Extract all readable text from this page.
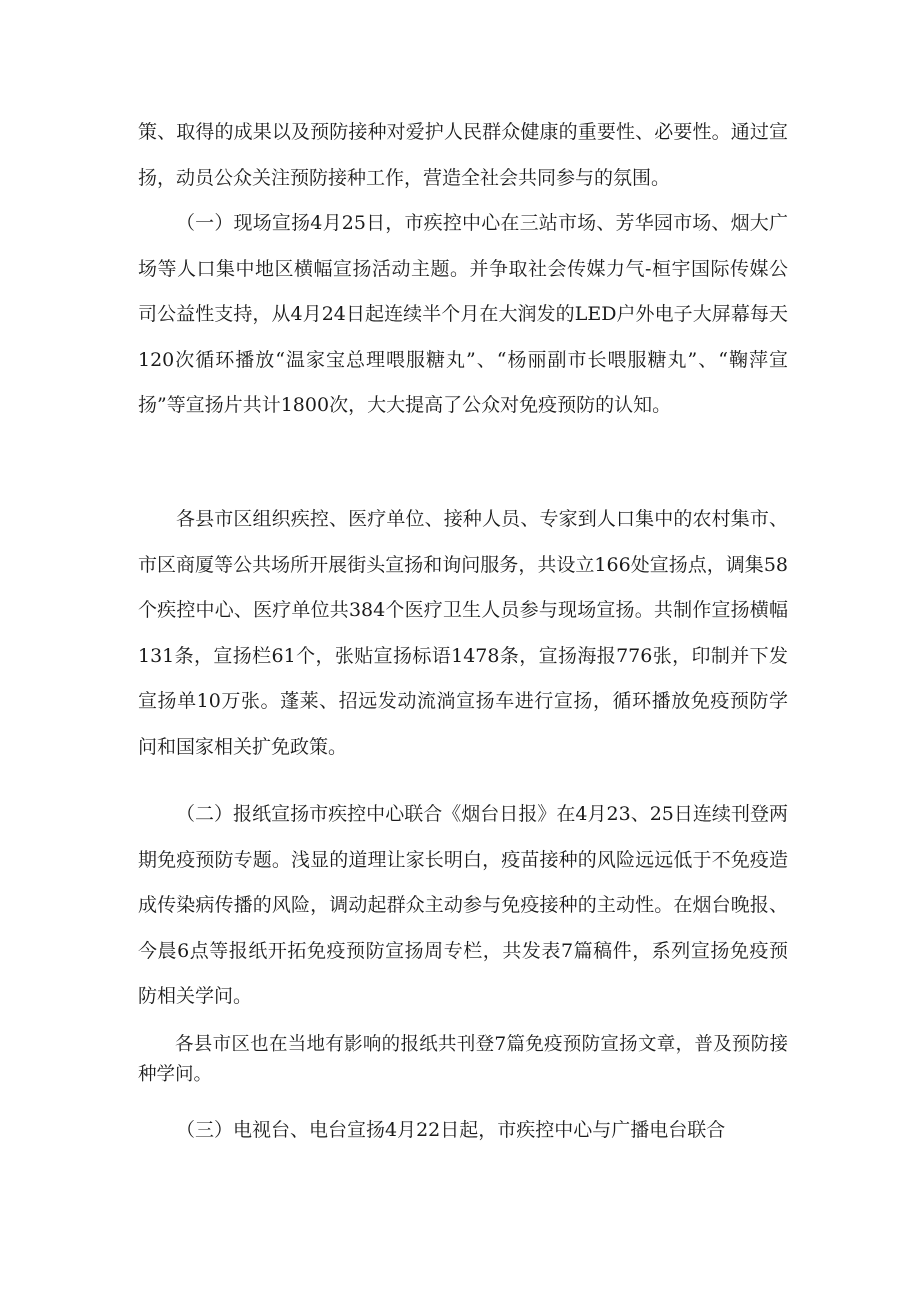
策、取得的成果以及预防接种对爱护人民群众健康的重要性、必要性。通过宣扬，动员公众关注预防接种工作，营造全社会共同参与的氛围。

（一）现场宣扬4月25日，市疾控中心在三站市场、芳华园市场、烟大广场等人口集中地区横幅宣扬活动主题。并争取社会传媒力气-桓宇国际传媒公司公益性支持，从4月24日起连续半个月在大润发的LED户外电子大屏幕每天120次循环播放“温家宝总理喂服糖丸”、“杨丽副市长喂服糖丸”、“鞠萍宣扬”等宣扬片共计1800次，大大提高了公众对免疫预防的认知。

各县市区组织疾控、医疗单位、接种人员、专家到人口集中的农村集市、市区商厦等公共场所开展街头宣扬和询问服务，共设立166处宣扬点，调集58个疾控中心、医疗单位共384个医疗卫生人员参与现场宣扬。共制作宣扬横幅131条，宣扬栏61个，张贴宣扬标语1478条，宣扬海报776张，印制并下发宣扬单10万张。蓬莱、招远发动流淌宣扬车进行宣扬，循环播放免疫预防学问和国家相关扩免政策。

（二）报纸宣扬市疾控中心联合《烟台日报》在4月23、25日连续刊登两期免疫预防专题。浅显的道理让家长明白，疫苗接种的风险远远低于不免疫造成传染病传播的风险，调动起群众主动参与免疫接种的主动性。在烟台晚报、今晨6点等报纸开拓免疫预防宣扬周专栏，共发表7篇稿件，系列宣扬免疫预防相关学问。

各县市区也在当地有影响的报纸共刊登7篇免疫预防宣扬文章，普及预防接种学问。

（三）电视台、电台宣扬4月22日起，市疾控中心与广播电台联合
